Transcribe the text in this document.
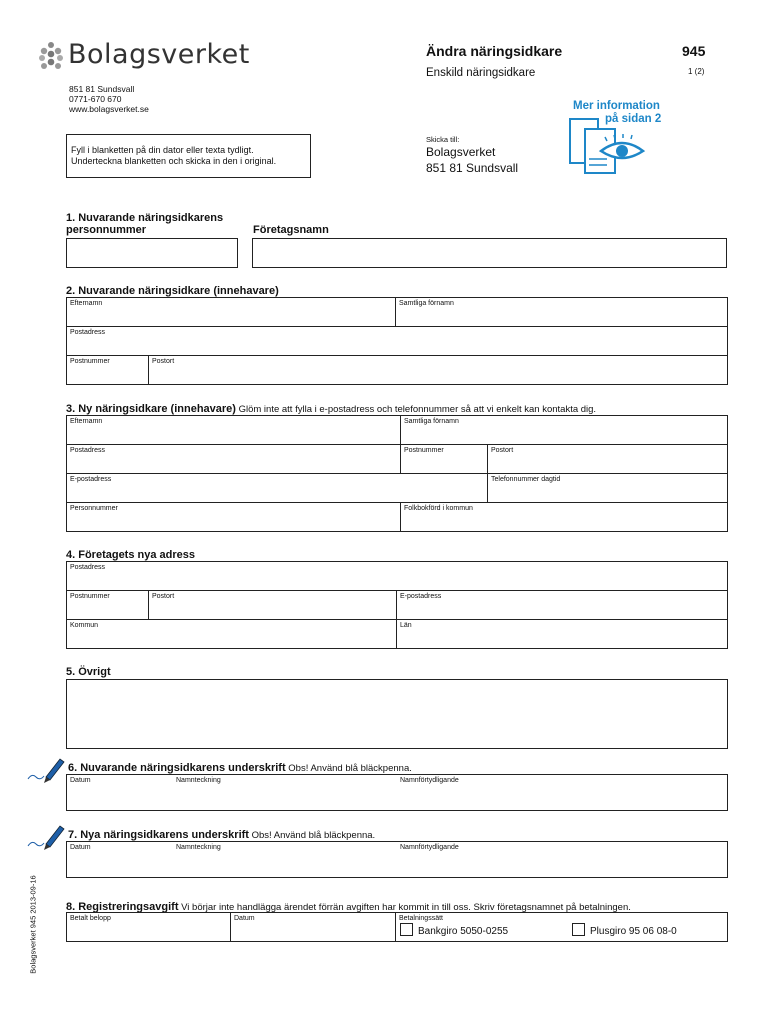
Bolagsverket
851 81 Sundsvall
0771-670 670
www.bolagsverket.se
Fyll i blanketten på din dator eller texta tydligt.
Underteckna blanketten och skicka in den i original.
Ändra näringsidkare	945
Enskild näringsidkare	1 (2)
Skicka till:
Bolagsverket
851 81 Sundsvall
Mer information
på sidan 2
1. Nuvarande näringsidkarens
personnummer	Företagsnamn
2. Nuvarande näringsidkare (innehavare)
Efternamn	Samtliga förnamn
Postadress
Postnummer	Postort
3. Ny näringsidkare (innehavare) Glöm inte att fylla i e-postadress och telefonnummer så att vi enkelt kan kontakta dig.
Efternamn	Samtliga förnamn
Postadress	Postnummer	Postort
E-postadress	Telefonnummer dagtid
Personnummer	Folkbokförd i kommun
4. Företagets nya adress
Postadress
Postnummer	Postort	E-postadress
Kommun	Län
5. Övrigt
6. Nuvarande näringsidkarens underskrift Obs! Använd blå bläckpenna.
Datum	Namnteckning	Namnförtydligande
7. Nya näringsidkarens underskrift Obs! Använd blå bläckpenna.
Datum	Namnteckning	Namnförtydligande
8. Registreringsavgift Vi börjar inte handlägga ärendet förrän avgiften har kommit in till oss. Skriv företagsnamnet på betalningen.
Betalt belopp	Datum	Betalningssätt
Bankgiro 5050-0255	Plusgiro 95 06 08-0
Bolagsverket 945 2013-09-16
